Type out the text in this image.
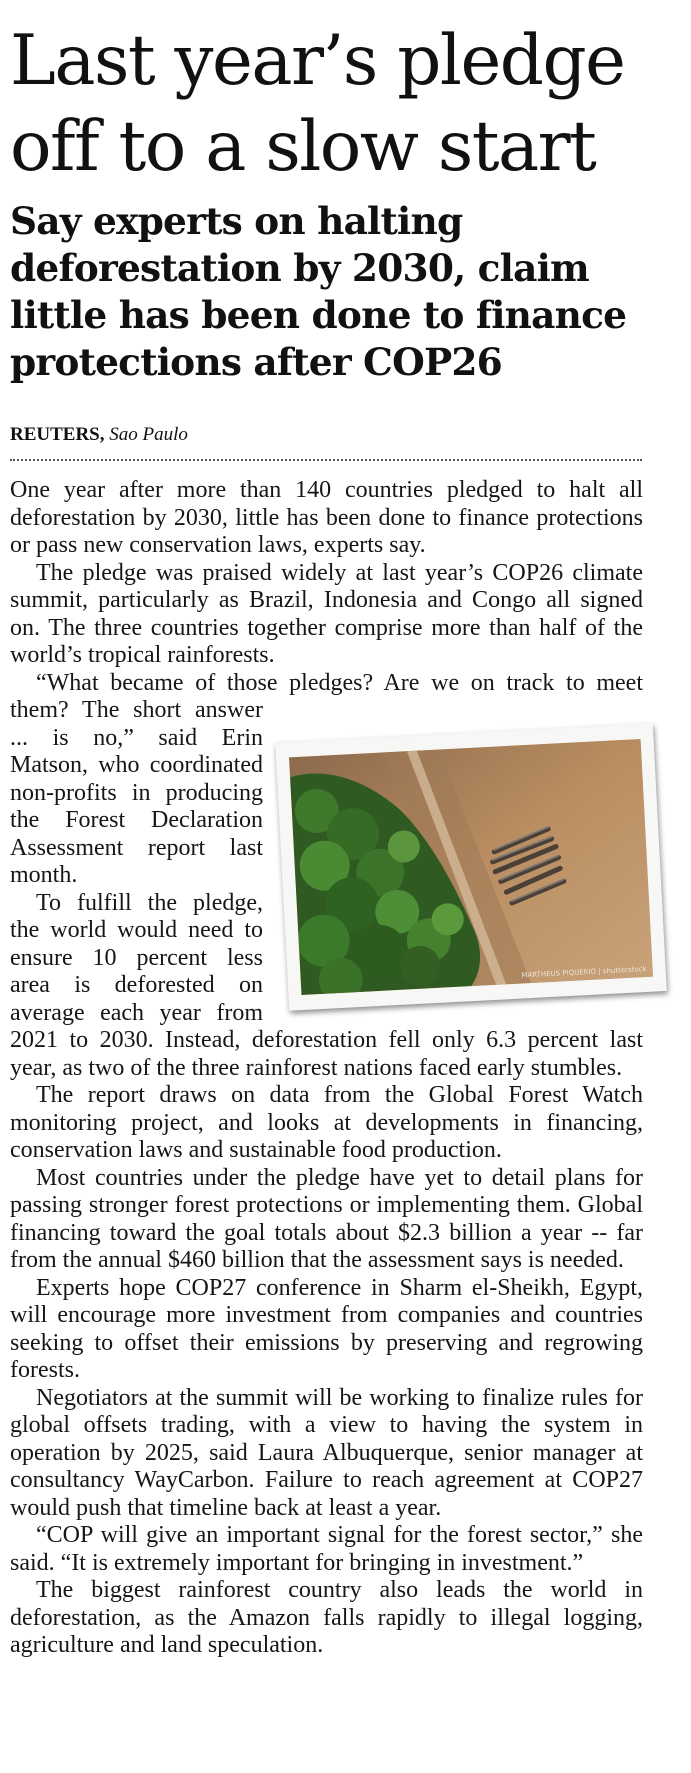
Last year’s pledge off to a slow start
Say experts on halting deforestation by 2030, claim little has been done to finance protections after COP26
REUTERS, Sao Paulo

One year after more than 140 countries pledged to halt all deforestation by 2030, little has been done to finance protections or pass new conservation laws, experts say.

The pledge was praised widely at last year’s COP26 climate summit, particularly as Brazil, Indonesia and Congo all signed on. The three countries together comprise more than half of the world’s tropical rainforests.

“What became of those pledges? Are we on track to meet them? The short answer ... is no,” said Erin Matson, who coordinated non-profits in producing the Forest Declaration Assessment report last month.

To fulfill the pledge, the world would need to ensure 10 percent less area is deforested on average each year from 2021 to 2030. Instead, deforestation fell only 6.3 percent last year, as two of the three rainforest nations faced early stumbles.

The report draws on data from the Global Forest Watch monitoring project, and looks at developments in financing, conservation laws and sustainable food production.

Most countries under the pledge have yet to detail plans for passing stronger forest protections or implementing them. Global financing toward the goal totals about $2.3 billion a year -- far from the annual $460 billion that the assessment says is needed.

Experts hope COP27 conference in Sharm el-Sheikh, Egypt, will encourage more investment from companies and countries seeking to offset their emissions by preserving and regrowing forests.

Negotiators at the summit will be working to finalize rules for global offsets trading, with a view to having the system in operation by 2025, said Laura Albuquerque, senior manager at consultancy WayCarbon. Failure to reach agreement at COP27 would push that timeline back at least a year.

“COP will give an important signal for the forest sector,” she said. “It is extremely important for bringing in investment.”

The biggest rainforest country also leads the world in deforestation, as the Amazon falls rapidly to illegal logging, agriculture and land speculation.

MARTHEUS PIQUERIO | shutterstock
